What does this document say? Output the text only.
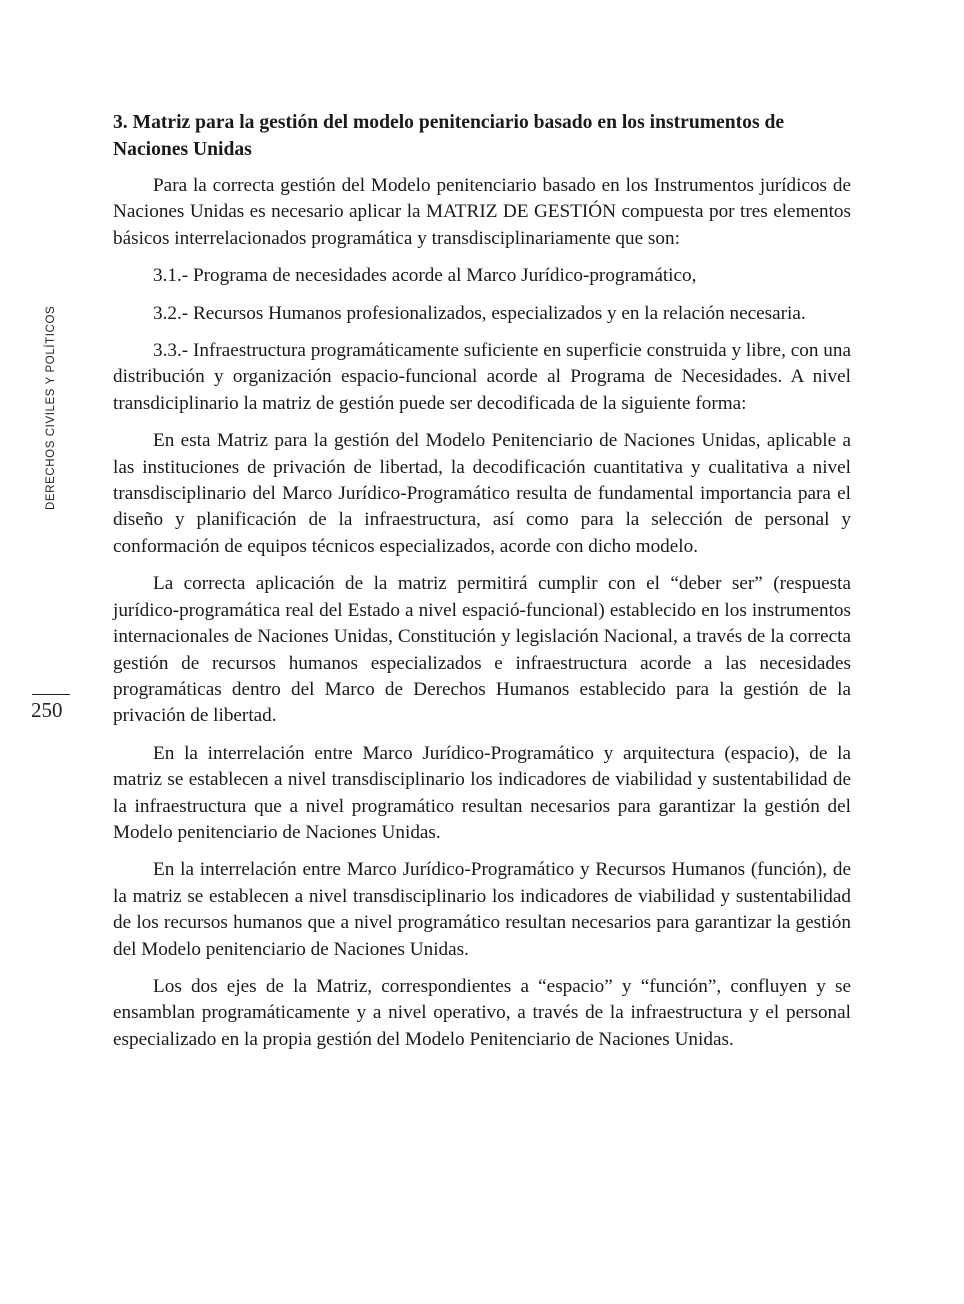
DERECHOS CIVILES Y POLÍTICOS
250
3. Matriz para la gestión del modelo penitenciario basado en los instrumentos de Naciones Unidas

Para la correcta gestión del Modelo penitenciario basado en los Instrumentos jurídicos de Naciones Unidas es necesario aplicar la MATRIZ DE GESTIÓN compuesta por tres elementos básicos interrelacionados programática y transdisciplinariamente que son:

3.1.- Programa de necesidades acorde al Marco Jurídico-programático,

3.2.- Recursos Humanos profesionalizados, especializados y en la relación necesaria.

3.3.- Infraestructura programáticamente suficiente en superficie construida y libre, con una distribución y organización espacio-funcional acorde al Programa de Necesidades. A nivel transdiciplinario la matriz de gestión puede ser decodificada de la siguiente forma:

En esta Matriz para la gestión del Modelo Penitenciario de Naciones Unidas, aplicable a las instituciones de privación de libertad, la decodificación cuantitativa y cualitativa a nivel transdisciplinario del Marco Jurídico-Programático resulta de fundamental importancia para el diseño y planificación de la infraestructura, así como para la selección de personal y conformación de equipos técnicos especializados, acorde con dicho modelo.

La correcta aplicación de la matriz permitirá cumplir con el “deber ser” (respuesta jurídico-programática real del Estado a nivel espació-funcional) establecido en los instrumentos internacionales de Naciones Unidas, Constitución y legislación Nacional, a través de la correcta gestión de recursos humanos especializados e infraestructura acorde a las necesidades programáticas dentro del Marco de Derechos Humanos establecido para la gestión de la privación de libertad.

En la interrelación entre Marco Jurídico-Programático y arquitectura (espacio), de la matriz se establecen a nivel transdisciplinario los indicadores de viabilidad y sustentabilidad de la infraestructura que a nivel programático resultan necesarios para garantizar la gestión del Modelo penitenciario de Naciones Unidas.

En la interrelación entre Marco Jurídico-Programático y Recursos Humanos (función), de la matriz se establecen a nivel transdisciplinario los indicadores de viabilidad y sustentabilidad de los recursos humanos que a nivel programático resultan necesarios para garantizar la gestión del Modelo penitenciario de Naciones Unidas.

Los dos ejes de la Matriz, correspondientes a “espacio” y “función”, confluyen y se ensamblan programáticamente y a nivel operativo, a través de la infraestructura y el personal especializado en la propia gestión del Modelo Penitenciario de Naciones Unidas.
